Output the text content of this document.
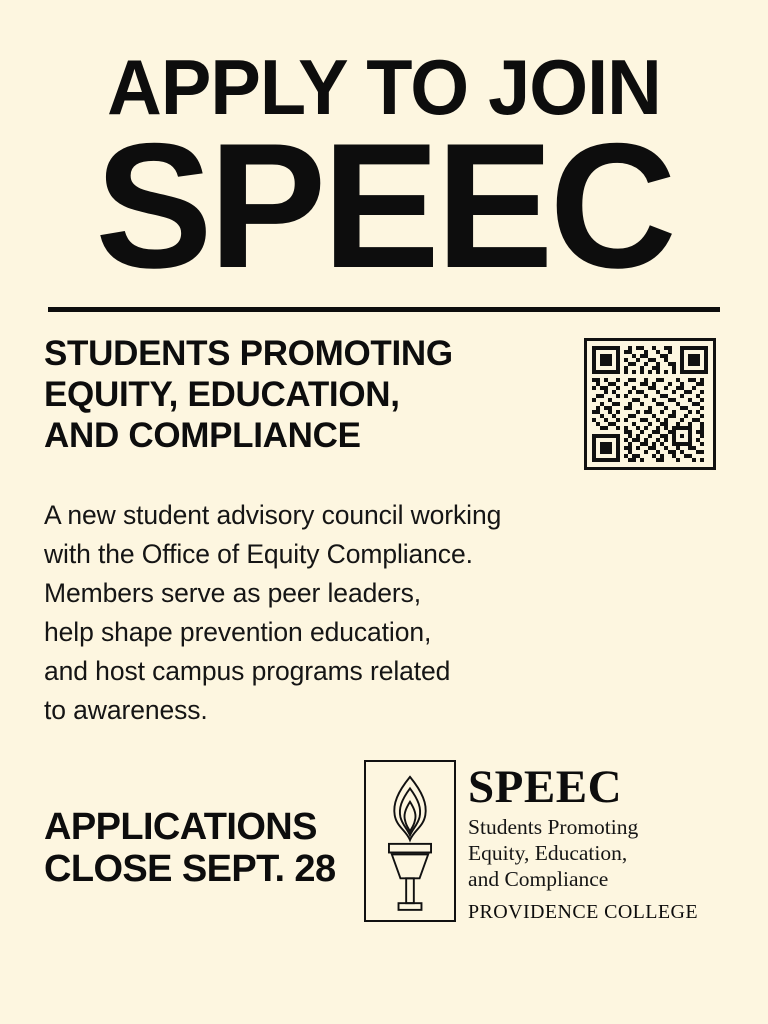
APPLY TO JOIN
SPEEC
STUDENTS PROMOTING
EQUITY, EDUCATION,
AND COMPLIANCE
A new student advisory council working
with the Office of Equity Compliance.
Members serve as peer leaders,
help shape prevention education,
and host campus programs related
to awareness.
APPLICATIONS
CLOSE SEPT. 28
SPEEC
Students Promoting
Equity, Education,
and Compliance
PROVIDENCE COLLEGE
